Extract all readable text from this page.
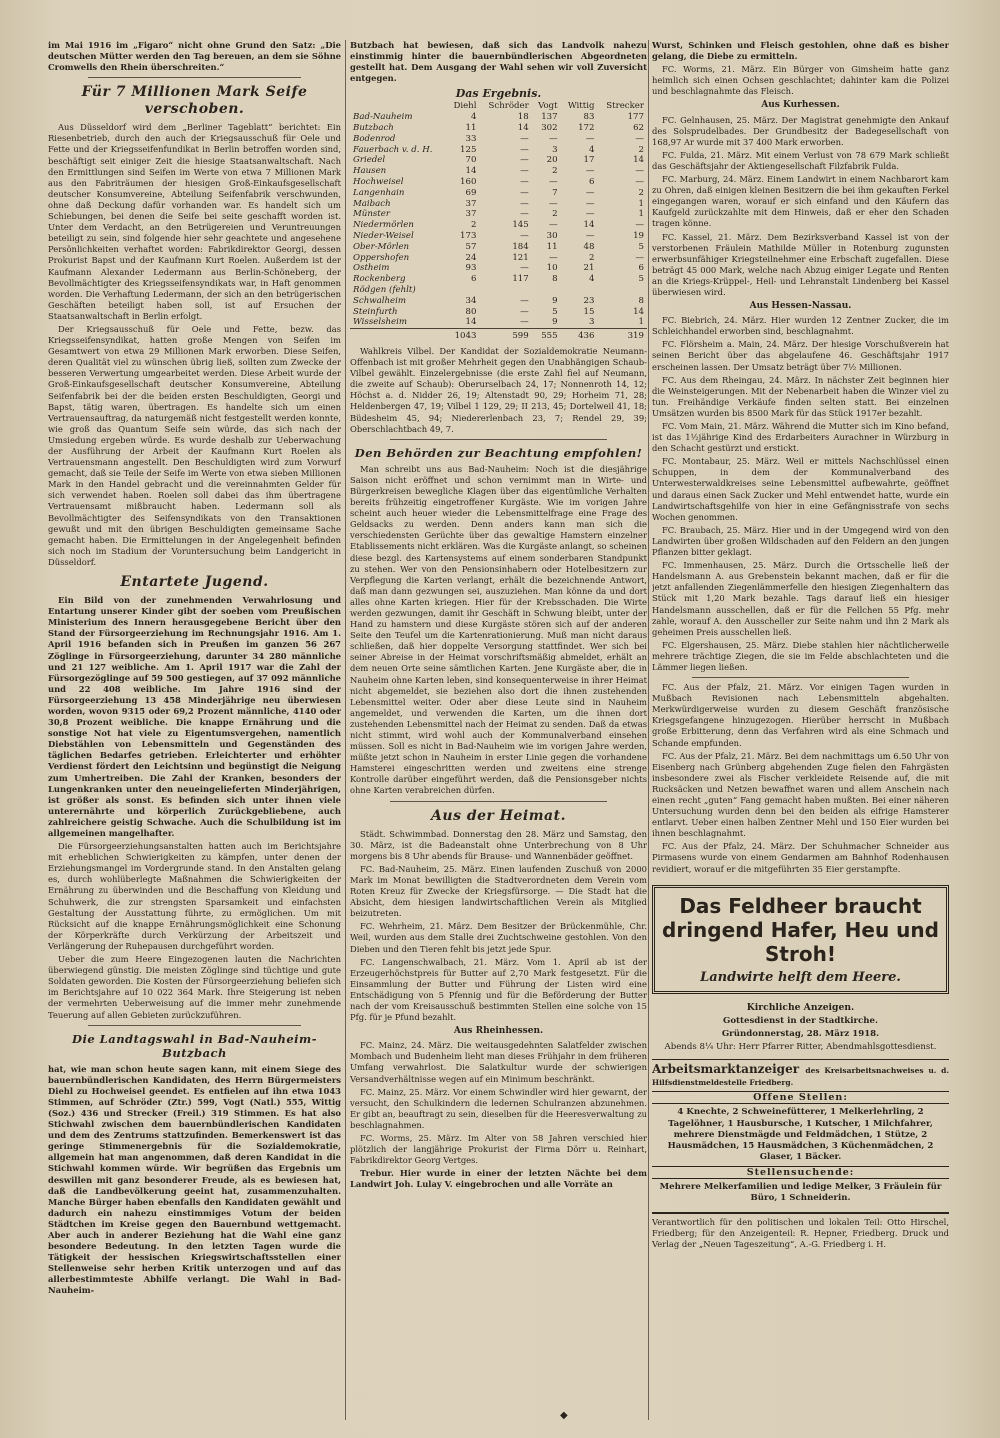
im Mai 1916 im „Figaro“ nicht ohne Grund den Satz: „Die deutschen Mütter werden den Tag bereuen, an dem sie Söhne Cromwells den Rhein überschreiten.“

Für 7 Millionen Mark Seife verschoben.

Aus Düsseldorf wird dem „Berliner Tageblatt“ berichtet: Ein Riesenbetrieb, durch den auch der Kriegsausschuß für Oele und Fette und der Kriegsseifenfundikat in Berlin betroffen worden sind, beschäftigt seit einiger Zeit die hiesige Staatsanwaltschaft. Nach den Ermittlungen sind Seifen im Werte von etwa 7 Millionen Mark aus den Fabriträumen der hiesigen Groß-Einkaufsgesellschaft deutscher Konsumvereine, Abteilung Seifenfabrik verschwunden, ohne daß Deckung dafür vorhanden war. Es handelt sich um Schiebungen, bei denen die Seife bei seite geschafft worden ist. Unter dem Verdacht, an den Betrügereien und Veruntreuungen beteiligt zu sein, sind folgende hier sehr geachtete und angesehene Persönlichkeiten verhaftet worden: Fabrikdirektor Georgi, dessen Prokurist Bapst und der Kaufmann Kurt Roelen. Außerdem ist der Kaufmann Alexander Ledermann aus Berlin-Schöneberg, der Bevollmächtigter des Kriegsseifensyndikats war, in Haft genommen worden. Die Verhaftung Ledermann, der sich an den betrügerischen Geschäften beteiligt haben soll, ist auf Ersuchen der Staatsanwaltschaft in Berlin erfolgt.

Der Kriegsausschuß für Oele und Fette, bezw. das Kriegsseifensyndikat, hatten große Mengen von Seifen im Gesamtwert von etwa 29 Millionen Mark erworben. Diese Seifen, deren Qualität viel zu wünschen übrig ließ, sollten zum Zwecke der besseren Verwertung umgearbeitet werden. Diese Arbeit wurde der Groß-Einkaufsgesellschaft deutscher Konsumvereine, Abteilung Seifenfabrik bei der die beiden ersten Beschuldigten, Georgi und Bapst, tätig waren, übertragen. Es handelte sich um einen Vertrauensauftrag, da naturgemäß nicht festgestellt werden konnte, wie groß das Quantum Seife sein würde, das sich nach der Umsiedung ergeben würde. Es wurde deshalb zur Ueberwachung der Ausführung der Arbeit der Kaufmann Kurt Roelen als Vertrauensmann angestellt. Den Beschuldigten wird zum Vorwurf gemacht, daß sie Teile der Seife im Werte von etwa sieben Millionen Mark in den Handel gebracht und die vereinnahmten Gelder für sich verwendet haben. Roelen soll dabei das ihm übertragene Vertrauensamt mißbraucht haben. Ledermann soll als Bevollmächtigter des Seifensyndikats von den Transaktionen gewußt und mit den übrigen Beschuldigten gemeinsame Sache gemacht haben. Die Ermittelungen in der Angelegenheit befinden sich noch im Stadium der Voruntersuchung beim Landgericht in Düsseldorf.

Entartete Jugend.

Ein Bild von der zunehmenden Verwahrlosung und Entartung unserer Kinder gibt der soeben vom Preußischen Ministerium des Innern herausgegebene Bericht über den Stand der Fürsorgeerziehung im Rechnungsjahr 1916. Am 1. April 1916 befanden sich in Preußen im ganzen 56 267 Zöglinge in Fürsorgeerziehung, darunter 34 280 männliche und 21 127 weibliche. Am 1. April 1917 war die Zahl der Fürsorgezöglinge auf 59 500 gestiegen, auf 37 092 männliche und 22 408 weibliche. Im Jahre 1916 sind der Fürsorgeerziehung 13 458 Minderjährige neu überwiesen worden, wovon 9315 oder 69,2 Prozent männliche, 4140 oder 30,8 Prozent weibliche. Die knappe Ernährung und die sonstige Not hat viele zu Eigentumsvergehen, namentlich Diebstählen von Lebensmitteln und Gegenständen des täglichen Bedarfes getrieben. Erleichterter und erhöhter Verdienst fördert den Leichtsinn und begünstigt die Neigung zum Umhertreiben. Die Zahl der Kranken, besonders der Lungenkranken unter den neueingelieferten Minderjährigen, ist größer als sonst. Es befinden sich unter ihnen viele unterernährte und körperlich Zurückgebliebene, auch zahlreichere geistig Schwache. Auch die Schulbildung ist im allgemeinen mangelhafter.

Die Fürsorgeerziehungsanstalten hatten auch im Berichtsjahre mit erheblichen Schwierigkeiten zu kämpfen, unter denen der Erziehungsmangel im Vordergrunde stand. In den Anstalten gelang es, durch wohlüberlegte Maßnahmen die Schwierigkeiten der Ernährung zu überwinden und die Beschaffung von Kleidung und Schuhwerk, die zur strengsten Sparsamkeit und einfachsten Gestaltung der Ausstattung führte, zu ermöglichen. Um mit Rücksicht auf die knappe Ernährungsmöglichkeit eine Schonung der Körperkräfte durch Verkürzung der Arbeitszeit und Verlängerung der Ruhepausen durchgeführt worden.

Ueber die zum Heere Eingezogenen lauten die Nachrichten überwiegend günstig. Die meisten Zöglinge sind tüchtige und gute Soldaten geworden. Die Kosten der Fürsorgeerziehung beliefen sich im Berichtsjahre auf 10 022 364 Mark. Ihre Steigerung ist neben der vermehrten Ueberweisung auf die immer mehr zunehmende Teuerung auf allen Gebieten zurückzuführen.

Die Landtagswahl in Bad-Nauheim-Butzbach

hat, wie man schon heute sagen kann, mit einem Siege des bauernbündlerischen Kandidaten, des Herrn Bürgermeisters Diehl zu Hochweisel geendet. Es entfielen auf ihn etwa 1043 Stimmen, auf Schröder (Ztr.) 599, Vogt (Natl.) 555, Wittig (Soz.) 436 und Strecker (Freil.) 319 Stimmen. Es hat also Stichwahl zwischen dem bauernbündlerischen Kandidaten und dem des Zentrums stattzufinden. Bemerkenswert ist das geringe Stimmenergebnis für die Sozialdemokratie, allgemein hat man angenommen, daß deren Kandidat in die Stichwahl kommen würde. Wir begrüßen das Ergebnis um deswillen mit ganz besonderer Freude, als es bewiesen hat, daß die Landbevölkerung geeint hat, zusammenzuhalten. Manche Bürger haben ebenfalls den Kandidaten gewählt und dadurch ein nahezu einstimmiges Votum der beiden Städtchen im Kreise gegen den Bauernbund wettgemacht. Aber auch in anderer Beziehung hat die Wahl eine ganz besondere Bedeutung. In den letzten Tagen wurde die Tätigkeit der hessischen Kriegswirtschaftsstellen einer Stellenweise sehr herben Kritik unterzogen und auf das allerbestimmteste Abhilfe verlangt. Die Wahl in Bad-Nauheim-

Butzbach hat bewiesen, daß sich das Landvolk nahezu einstimmig hinter die bauernbündlerischen Abgeordneten gestellt hat. Dem Ausgang der Wahl sehen wir voll Zuversicht entgegen.

Das Ergebnis.
	Diehl	Schröder	Vogt	Wittig	Strecker
Bad-Nauheim	4	18	137	83	177
Butzbach	11	14	302	172	62
Bodenrod	33	—	—	—	—
Fauerbach v. d. H.	125	—	3	4	2
Griedel	70	—	20	17	14
Hausen	14	—	2	—	—
Hochweisel	160	—	—	6	—
Langenhain	69	—	7	—	2
Maibach	37	—	—	—	1
Münster	37	—	2	—	1
Niedermörlen	2	145	—	14	—
Nieder-Weisel	173	—	30	—	19
Ober-Mörlen	57	184	11	48	5
Oppershofen	24	121	—	2	—
Ostheim	93	—	10	21	6
Rockenberg	6	117	8	4	5
Rödgen (fehlt)					
Schwalheim	34	—	9	23	8
Steinfurth	80	—	5	15	14
Wisselsheim	14	—	9	3	1
	1043	599	555	436	319

Wahlkreis Vilbel. Der Kandidat der Sozialdemokratie Neumann-Offenbach ist mit großer Mehrheit gegen den Unabhängigen Schaub-Vilbel gewählt. Einzelergebnisse (die erste Zahl fiel auf Neumann, die zweite auf Schaub): Oberurselbach 24, 17; Nonnenroth 14, 12; Höchst a. d. Nidder 26, 19; Altenstadt 90, 29; Horheim 71, 28; Heldenbergen 47, 19; Vilbel 1 129, 29; II 213, 45; Dortelweil 41, 18; Büdesheim 45, 94; Niedererlenbach 23, 7; Rendel 29, 39; Oberschlachtbach 49, 7.

Den Behörden zur Beachtung empfohlen!

Man schreibt uns aus Bad-Nauheim: Noch ist die diesjährige Saison nicht eröffnet und schon vernimmt man in Wirte- und Bürgerkreisen bewegliche Klagen über das eigentümliche Verhalten bereits frühzeitig eingetroffener Kurgäste. Wie im vorigen Jahre scheint auch heuer wieder die Lebensmittelfrage eine Frage des Geldsacks zu werden. Denn anders kann man sich die verschiedensten Gerüchte über das gewaltige Hamstern einzelner Etablissements nicht erklären. Was die Kurgäste anlangt, so scheinen diese bezgl. des Kartensystems auf einem sonderbaren Standpunkt zu stehen. Wer von den Pensionsinhabern oder Hotelbesitzern zur Verpflegung die Karten verlangt, erhält die bezeichnende Antwort, daß man dann gezwungen sei, auszuziehen. Man könne da und dort alles ohne Karten kriegen. Hier für der Krebsschaden. Die Wirte werden gezwungen, damit ihr Geschäft in Schwung bleibt, unter der Hand zu hamstern und diese Kurgäste stören sich auf der anderen Seite den Teufel um die Kartenrationierung. Muß man nicht daraus schließen, daß hier doppelte Versorgung stattfindet. Wer sich bei seiner Abreise in der Heimat vorschriftsmäßig abmeldet, erhält an dem neuen Orte seine sämtlichen Karten. Jene Kurgäste aber, die in Nauheim ohne Karten leben, sind konsequenterweise in ihrer Heimat nicht abgemeldet, sie beziehen also dort die ihnen zustehenden Lebensmittel weiter. Oder aber diese Leute sind in Nauheim angemeldet, und verwenden die Karten, um die ihnen dort zustehenden Lebensmittel nach der Heimat zu senden. Daß da etwas nicht stimmt, wird wohl auch der Kommunalverband einsehen müssen. Soll es nicht in Bad-Nauheim wie im vorigen Jahre werden, müßte jetzt schon in Nauheim in erster Linie gegen die vorhandene Hamsterei eingeschritten werden und zweitens eine strenge Kontrolle darüber eingeführt werden, daß die Pensionsgeber nichts ohne Karten verabreichen dürfen.

Aus der Heimat.

Städt. Schwimmbad. Donnerstag den 28. März und Samstag, den 30. März, ist die Badeanstalt ohne Unterbrechung von 8 Uhr morgens bis 8 Uhr abends für Brause- und Wannenbäder geöffnet.

FC. Bad-Nauheim, 25. März. Einen laufenden Zuschuß von 2000 Mark im Monat bewilligten die Stadtverordneten dem Verein vom Roten Kreuz für Zwecke der Kriegsfürsorge. — Die Stadt hat die Absicht, dem hiesigen landwirtschaftlichen Verein als Mitglied beizutreten.

FC. Wehrheim, 21. März. Dem Besitzer der Brückenmühle, Chr. Weil, wurden aus dem Stalle drei Zuchtschweine gestohlen. Von den Dieben und den Tieren fehlt bis jetzt jede Spur.

FC. Langenschwalbach, 21. März. Vom 1. April ab ist der Erzeugerhöchstpreis für Butter auf 2,70 Mark festgesetzt. Für die Einsammlung der Butter und Führung der Listen wird eine Entschädigung von 5 Pfennig und für die Beförderung der Butter nach der vom Kreisausschuß bestimmten Stellen eine solche von 15 Pfg. für je Pfund bezahlt.

Aus Rheinhessen.

FC. Mainz, 24. März. Die weitausgedehnten Salatfelder zwischen Mombach und Budenheim lieht man dieses Frühjahr in dem früheren Umfang verwahrlost. Die Salatkultur wurde der schwierigen Versandverhältnisse wegen auf ein Minimum beschränkt.

FC. Mainz, 25. März. Vor einem Schwindler wird hier gewarnt, der versucht, den Schulkindern die ledernen Schulranzen abzunehmen. Er gibt an, beauftragt zu sein, dieselben für die Heeresverwaltung zu beschlagnahmen.

FC. Worms, 25. März. Im Alter von 58 Jahren verschied hier plötzlich der langjährige Prokurist der Firma Dörr u. Reinhart, Fabrikdirektor Georg Vertges.

Trebur. Hier wurde in einer der letzten Nächte bei dem Landwirt Joh. Lulay V. eingebrochen und alle Vorräte an

Wurst, Schinken und Fleisch gestohlen, ohne daß es bisher gelang, die Diebe zu ermitteln.

FC. Worms, 21. März. Ein Bürger von Gimsheim hatte ganz heimlich sich einen Ochsen geschlachtet; dahinter kam die Polizei und beschlagnahmte das Fleisch.

Aus Kurhessen.

FC. Gelnhausen, 25. März. Der Magistrat genehmigte den Ankauf des Solsprudelbades. Der Grundbesitz der Badegesellschaft von 168,97 Ar wurde mit 37 400 Mark erworben.

FC. Fulda, 21. März. Mit einem Verlust von 78 679 Mark schließt das Geschäftsjahr der Aktiengesellschaft Filzfabrik Fulda.

FC. Marburg, 24. März. Einem Landwirt in einem Nachbarort kam zu Ohren, daß einigen kleinen Besitzern die bei ihm gekauften Ferkel eingegangen waren, worauf er sich einfand und den Käufern das Kaufgeld zurückzahlte mit dem Hinweis, daß er eher den Schaden tragen könne.

FC. Kassel, 21. März. Dem Bezirksverband Kassel ist von der verstorbenen Fräulein Mathilde Müller in Rotenburg zugunsten erwerbsunfähiger Kriegsteilnehmer eine Erbschaft zugefallen. Diese beträgt 45 000 Mark, welche nach Abzug einiger Legate und Renten an die Kriegs-Krüppel-, Heil- und Lehranstalt Lindenberg bei Kassel überwiesen wird.

Aus Hessen-Nassau.

FC. Biebrich, 24. März. Hier wurden 12 Zentner Zucker, die im Schleichhandel erworben sind, beschlagnahmt.

FC. Flörsheim a. Main, 24. März. Der hiesige Vorschußverein hat seinen Bericht über das abgelaufene 46. Geschäftsjahr 1917 erscheinen lassen. Der Umsatz beträgt über 7½ Millionen.

FC. Aus dem Rheingau, 24. März. In nächster Zeit beginnen hier die Weinsteigerungen. Mit der Nebenarbeit haben die Winzer viel zu tun. Freihändige Verkäufe finden selten statt. Bei einzelnen Umsätzen wurden bis 8500 Mark für das Stück 1917er bezahlt.

FC. Vom Main, 21. März. Während die Mutter sich im Kino befand, ist das 1½jährige Kind des Erdarbeiters Aurachner in Würzburg in den Schacht gestürzt und erstickt.

FC. Montabaur, 25. März. Weil er mittels Nachschlüssel einen Schuppen, in dem der Kommunalverband des Unterwesterwaldkreises seine Lebensmittel aufbewahrte, geöffnet und daraus einen Sack Zucker und Mehl entwendet hatte, wurde ein Landwirtschaftsgehilfe von hier in eine Gefängnisstrafe von sechs Wochen genommen.

FC. Braubach, 25. März. Hier und in der Umgegend wird von den Landwirten über großen Wildschaden auf den Feldern an den jungen Pflanzen bitter geklagt.

FC. Immenhausen, 25. März. Durch die Ortsschelle ließ der Handelsmann A. aus Grebenstein bekannt machen, daß er für die jetzt anfallenden Ziegenlämmerfelle den hiesigen Ziegenhaltern das Stück mit 1,20 Mark bezahle. Tags darauf ließ ein hiesiger Handelsmann ausschellen, daß er für die Fellchen 55 Pfg. mehr zahle, worauf A. den Ausscheller zur Seite nahm und ihn 2 Mark als geheimen Preis ausschellen ließ.

FC. Elgershausen, 25. März. Diebe stahlen hier nächtlicherweile mehrere trächtige Ziegen, die sie im Felde abschlachteten und die Lämmer liegen ließen.

FC. Aus der Pfalz, 21. März. Vor einigen Tagen wurden in Mußbach Revisionen nach Lebensmitteln abgehalten. Merkwürdigerweise wurden zu diesem Geschäft französische Kriegsgefangene hinzugezogen. Hierüber herrscht in Mußbach große Erbitterung, denn das Verfahren wird als eine Schmach und Schande empfunden.

FC. Aus der Pfalz, 21. März. Bei dem nachmittags um 6.50 Uhr von Eisenberg nach Grünberg abgehenden Zuge fielen den Fahrgästen insbesondere zwei als Fischer verkleidete Reisende auf, die mit Rucksäcken und Netzen bewaffnet waren und allem Anschein nach einen recht „guten“ Fang gemacht haben mußten. Bei einer näheren Untersuchung wurden denn bei den beiden als eifrige Hamsterer entlarvt. Ueber einen halben Zentner Mehl und 150 Eier wurden bei ihnen beschlagnahmt.

FC. Aus der Pfalz, 24. März. Der Schuhmacher Schneider aus Pirmasens wurde von einem Gendarmen am Bahnhof Rodenhausen revidiert, worauf er die mitgeführten 35 Eier gerstampfte.

Das Feldheer braucht dringend Hafer, Heu und Stroh!
Landwirte helft dem Heere.
Kirchliche Anzeigen.
Gottesdienst in der Stadtkirche.
Gründonnerstag, 28. März 1918.
Abends 8¼ Uhr: Herr Pfarrer Ritter, Abendmahlsgottesdienst.
Arbeitsmarktanzeiger des Kreisarbeitsnachweises u. d. Hilfsdienstmeldestelle Friedberg.
Offene Stellen:
4 Knechte, 2 Schweinefütterer, 1 Melkerlehrling, 2 Tagelöhner, 1 Hausbursche, 1 Kutscher, 1 Milchfahrer, mehrere Dienstmägde und Feldmädchen, 1 Stütze, 2 Hausmädchen, 15 Hausmädchen, 3 Küchenmädchen, 2 Glaser, 1 Bäcker.
Stellensuchende:
Mehrere Melkerfamilien und ledige Melker, 3 Fräulein für Büro, 1 Schneiderin.
Verantwortlich für den politischen und lokalen Teil: Otto Hirschel, Friedberg; für den Anzeigenteil: R. Hepner, Friedberg. Druck und Verlag der „Neuen Tageszeitung“, A.-G. Friedberg i. H.
◆
